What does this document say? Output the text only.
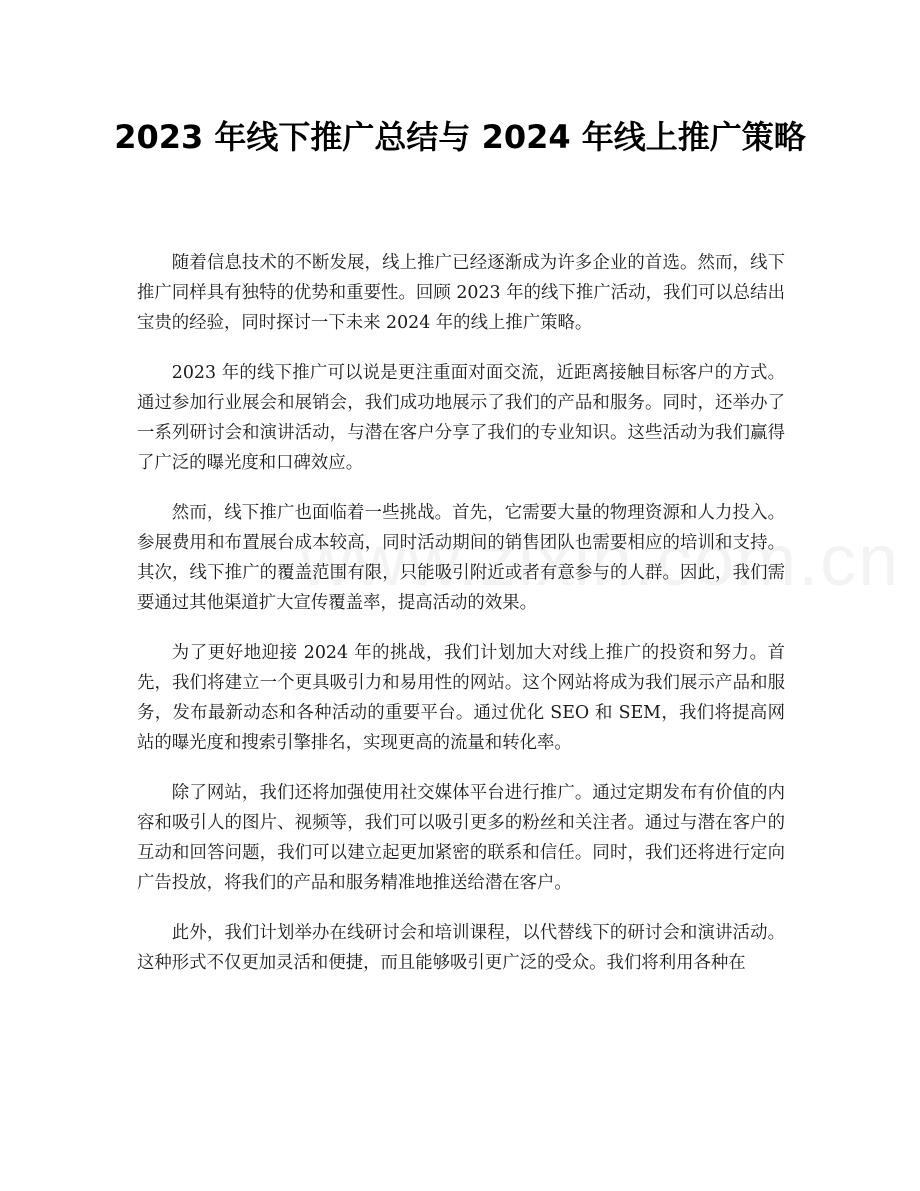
2023 年线下推广总结与 2024 年线上推广策略

随着信息技术的不断发展，线上推广已经逐渐成为许多企业的首选。然而，线下推广同样具有独特的优势和重要性。回顾 2023 年的线下推广活动，我们可以总结出宝贵的经验，同时探讨一下未来 2024 年的线上推广策略。

2023 年的线下推广可以说是更注重面对面交流，近距离接触目标客户的方式。通过参加行业展会和展销会，我们成功地展示了我们的产品和服务。同时，还举办了一系列研讨会和演讲活动，与潜在客户分享了我们的专业知识。这些活动为我们赢得了广泛的曝光度和口碑效应。

然而，线下推广也面临着一些挑战。首先，它需要大量的物理资源和人力投入。参展费用和布置展台成本较高，同时活动期间的销售团队也需要相应的培训和支持。其次，线下推广的覆盖范围有限，只能吸引附近或者有意参与的人群。因此，我们需要通过其他渠道扩大宣传覆盖率，提高活动的效果。

为了更好地迎接 2024 年的挑战，我们计划加大对线上推广的投资和努力。首先，我们将建立一个更具吸引力和易用性的网站。这个网站将成为我们展示产品和服务，发布最新动态和各种活动的重要平台。通过优化 SEO 和 SEM，我们将提高网站的曝光度和搜索引擎排名，实现更高的流量和转化率。

除了网站，我们还将加强使用社交媒体平台进行推广。通过定期发布有价值的内容和吸引人的图片、视频等，我们可以吸引更多的粉丝和关注者。通过与潜在客户的互动和回答问题，我们可以建立起更加紧密的联系和信任。同时，我们还将进行定向广告投放，将我们的产品和服务精准地推送给潜在客户。

此外，我们计划举办在线研讨会和培训课程，以代替线下的研讨会和演讲活动。这种形式不仅更加灵活和便捷，而且能够吸引更广泛的受众。我们将利用各种在
